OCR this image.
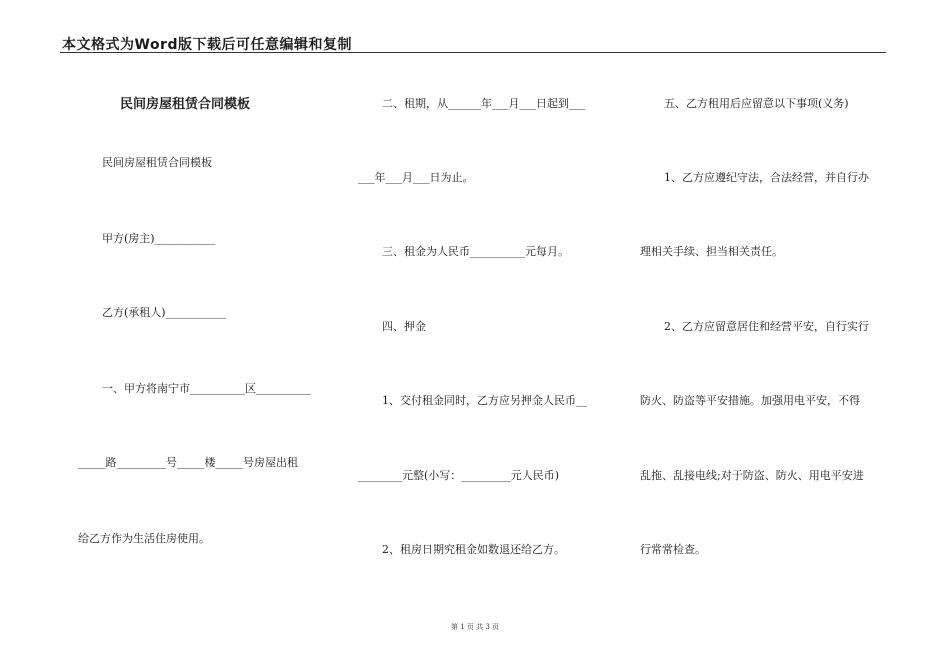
本文格式为Word版下载后可任意编辑和复制
民间房屋租赁合同模板
民间房屋租赁合同模板
甲方(房主)___________
乙方(承租人)___________
一、甲方将南宁市__________区__________
_____路_________号_____楼_____号房屋出租
给乙方作为生活住房使用。
二、租期，从______年___月___日起到___
___年___月___日为止。
三、租金为人民币__________元每月。
四、押金
1、交付租金同时，乙方应另押金人民币__
________元整(小写：_________元人民币)
2、租房日期究租金如数退还给乙方。
五、乙方租用后应留意以下事项(义务)
1、乙方应遵纪守法，合法经营，并自行办
理相关手续、担当相关责任。
2、乙方应留意居住和经营平安，自行实行
防火、防盗等平安措施。加强用电平安，不得
乱拖、乱接电线;对于防盗、防火、用电平安进
行常常检查。
第 1 页 共 3 页
